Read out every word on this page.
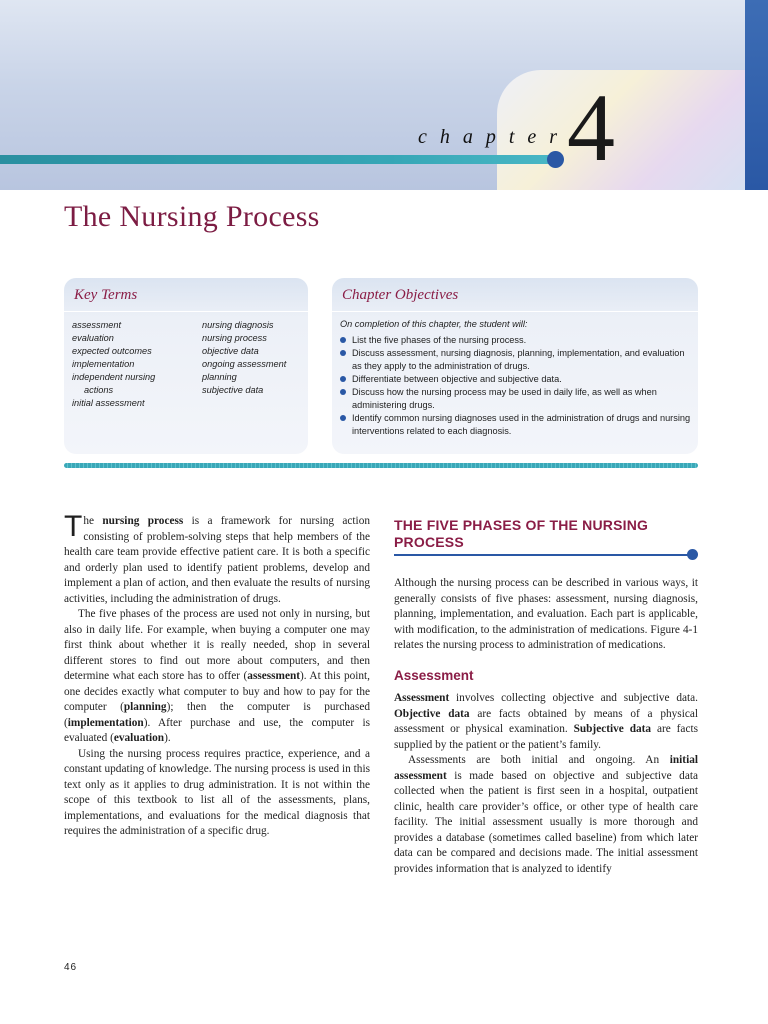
chapter
4
The Nursing Process
Key Terms
assessment
evaluation
expected outcomes
implementation
independent nursing
actions
initial assessment
nursing diagnosis
nursing process
objective data
ongoing assessment
planning
subjective data
Chapter Objectives
On completion of this chapter, the student will:
List the five phases of the nursing process.
Discuss assessment, nursing diagnosis, planning, implementation, and evaluation as they apply to the administration of drugs.
Differentiate between objective and subjective data.
Discuss how the nursing process may be used in daily life, as well as when administering drugs.
Identify common nursing diagnoses used in the administration of drugs and nursing interventions related to each diagnosis.

The nursing process is a framework for nursing action consisting of problem-solving steps that help members of the health care team provide effective patient care. It is both a specific and orderly plan used to identify patient problems, develop and implement a plan of action, and then evaluate the results of nursing activities, including the administration of drugs.

The five phases of the process are used not only in nursing, but also in daily life. For example, when buying a computer one may first think about whether it is really needed, shop in several different stores to find out more about computers, and then determine what each store has to offer (assessment). At this point, one decides exactly what computer to buy and how to pay for the computer (planning); then the computer is purchased (implementation). After purchase and use, the computer is evaluated (evaluation).

Using the nursing process requires practice, experience, and a constant updating of knowledge. The nursing process is used in this text only as it applies to drug administration. It is not within the scope of this textbook to list all of the assessments, plans, implementations, and evaluations for the medical diagnosis that requires the administration of a specific drug.

THE FIVE PHASES OF THE NURSING PROCESS

Although the nursing process can be described in various ways, it generally consists of five phases: assessment, nursing diagnosis, planning, implementation, and evaluation. Each part is applicable, with modification, to the administration of medications. Figure 4-1 relates the nursing process to administration of medications.

Assessment

Assessment involves collecting objective and subjective data. Objective data are facts obtained by means of a physical assessment or physical examination. Subjective data are facts supplied by the patient or the patient’s family.

Assessments are both initial and ongoing. An initial assessment is made based on objective and subjective data collected when the patient is first seen in a hospital, outpatient clinic, health care provider’s office, or other type of health care facility. The initial assessment usually is more thorough and provides a database (sometimes called baseline) from which later data can be compared and decisions made. The initial assessment provides information that is analyzed to identify

46
